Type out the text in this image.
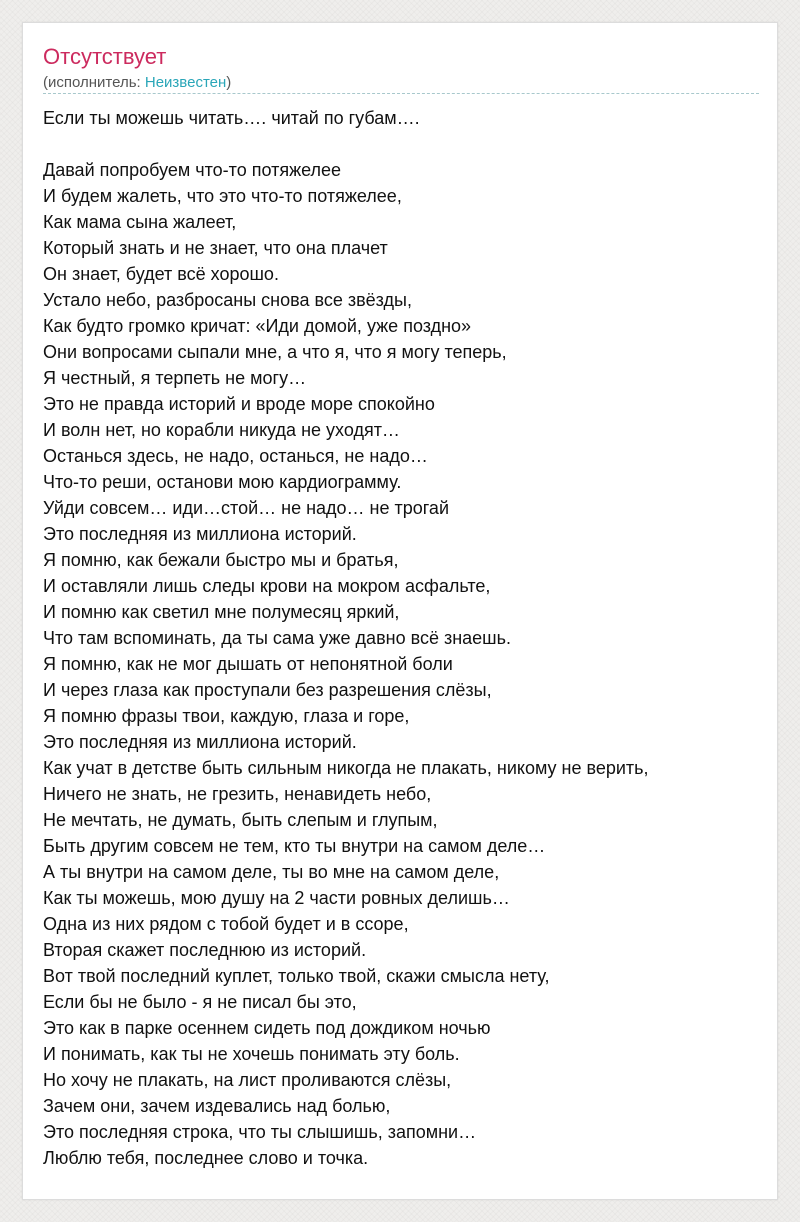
Отсутствует
(исполнитель: Неизвестен)
Если ты можешь читать…. читай по губам….
Давай попробуем что-то потяжелее
И будем жалеть, что это что-то потяжелее,
Как мама сына жалеет,
Который знать и не знает, что она плачет
Он знает, будет всё хорошо.
Устало небо, разбросаны снова все звёзды,
Как будто громко кричат: «Иди домой, уже поздно»
Они вопросами сыпали мне, а что я, что я могу теперь,
Я честный, я терпеть не могу…
Это не правда историй и вроде море спокойно
И волн нет, но корабли никуда не уходят…
Останься здесь, не надо, останься, не надо…
Что-то реши, останови мою кардиограмму.
Уйди совсем… иди…стой… не надо… не трогай
Это последняя из миллиона историй.
Я помню, как бежали быстро мы и братья,
И оставляли лишь следы крови на мокром асфальте,
И помню как светил мне полумесяц яркий,
Что там вспоминать, да ты сама уже давно всё знаешь.
Я помню, как не мог дышать от непонятной боли
И через глаза как проступали без разрешения слёзы,
Я помню фразы твои, каждую, глаза и горе,
Это последняя из миллиона историй.
Как учат в детстве быть сильным никогда не плакать, никому не верить,
Ничего не знать, не грезить, ненавидеть небо,
Не мечтать, не думать, быть слепым и глупым,
Быть другим совсем не тем, кто ты внутри на самом деле…
А ты внутри на самом деле, ты во мне на самом деле,
Как ты можешь, мою душу на 2 части ровных делишь…
Одна из них рядом с тобой будет и в ссоре,
Вторая скажет последнюю из историй.
Вот твой последний куплет, только твой, скажи смысла нету,
Если бы не было - я не писал бы это,
Это как в парке осеннем сидеть под дождиком ночью
И понимать, как ты не хочешь понимать эту боль.
Но хочу не плакать, на лист проливаются слёзы,
Зачем они, зачем издевались над болью,
Это последняя строка, что ты слышишь, запомни…
Люблю тебя, последнее слово и точка.
